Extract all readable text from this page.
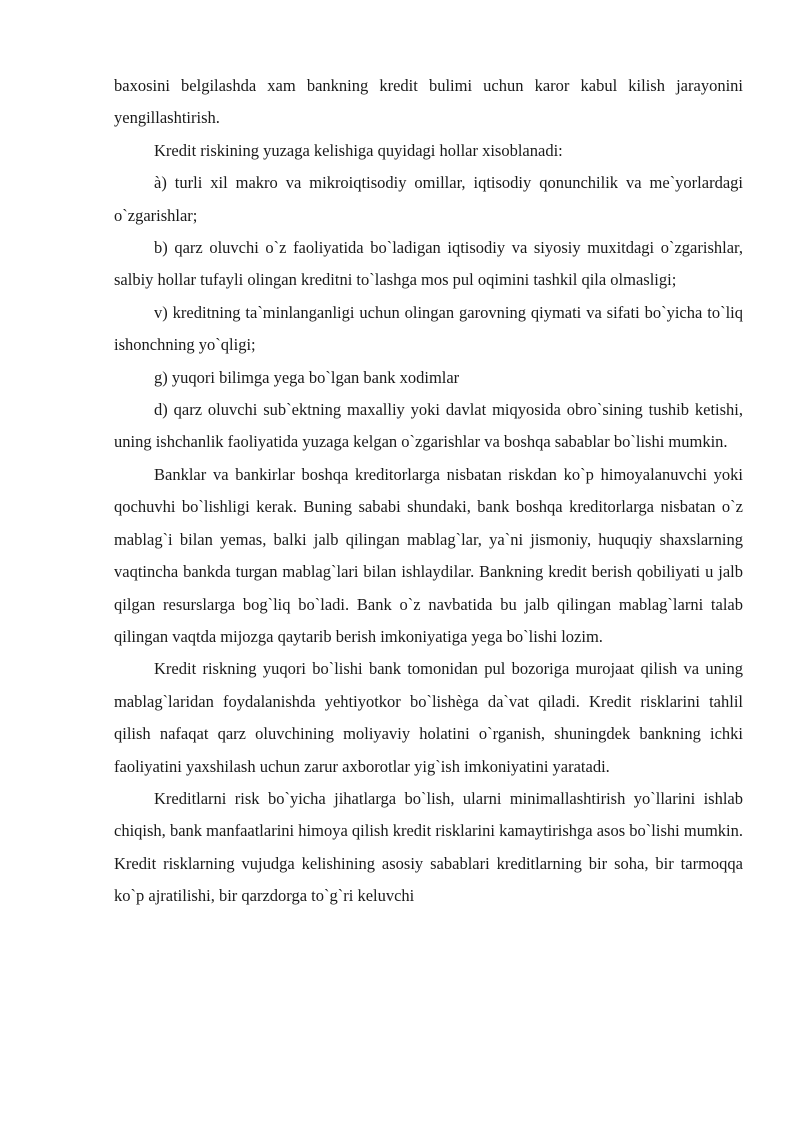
baxosini belgilashda xam bankning kredit bulimi uchun karor kabul kilish jarayonini yengillashtirish.

Kredit riskining yuzaga kelishiga quyidagi hollar xisoblanadi:

à) turli xil makro va mikroiqtisodiy omillar, iqtisodiy qonunchilik va me`yorlardagi o`zgarishlar;

b) qarz oluvchi o`z faoliyatida bo`ladigan iqtisodiy va siyosiy muxitdagi o`zgarishlar, salbiy hollar tufayli olingan kreditni to`lashga mos pul oqimini tashkil qila olmasligi;

v) kreditning ta`minlanganligi uchun olingan garovning qiymati va sifati bo`yicha to`liq ishonchning yo`qligi;

g) yuqori bilimga yega bo`lgan bank xodimlar

d) qarz oluvchi sub`ektning maxalliy yoki davlat miqyosida obro`sining tushib ketishi, uning ishchanlik faoliyatida yuzaga kelgan o`zgarishlar va boshqa sabablar bo`lishi mumkin.

Banklar va bankirlar boshqa kreditorlarga nisbatan riskdan ko`p himoyalanuvchi yoki qochuvhi bo`lishligi kerak. Buning sababi shundaki, bank boshqa kreditorlarga nisbatan o`z mablag`i bilan yemas, balki jalb qilingan mablag`lar, ya`ni jismoniy, huquqiy shaxslarning vaqtincha bankda turgan mablag`lari bilan ishlaydilar. Bankning kredit berish qobiliyati u jalb qilgan resurslarga bog`liq bo`ladi. Bank o`z navbatida bu jalb qilingan mablag`larni talab qilingan vaqtda mijozga qaytarib berish imkoniyatiga yega bo`lishi lozim.

Kredit riskning yuqori bo`lishi bank tomonidan pul bozoriga murojaat qilish va uning mablag`laridan foydalanishda yehtiyotkor bo`lishèga da`vat qiladi. Kredit risklarini tahlil qilish nafaqat qarz oluvchining moliyaviy holatini o`rganish, shuningdek bankning ichki faoliyatini yaxshilash uchun zarur axborotlar yig`ish imkoniyatini yaratadi.

Kreditlarni risk bo`yicha jihatlarga bo`lish, ularni minimallashtirish yo`llarini ishlab chiqish, bank manfaatlarini himoya qilish kredit risklarini kamaytirishga asos bo`lishi mumkin. Kredit risklarning vujudga kelishining asosiy sabablari kreditlarning bir soha, bir tarmoqqa ko`p ajratilishi, bir qarzdorga to`g`ri keluvchi
